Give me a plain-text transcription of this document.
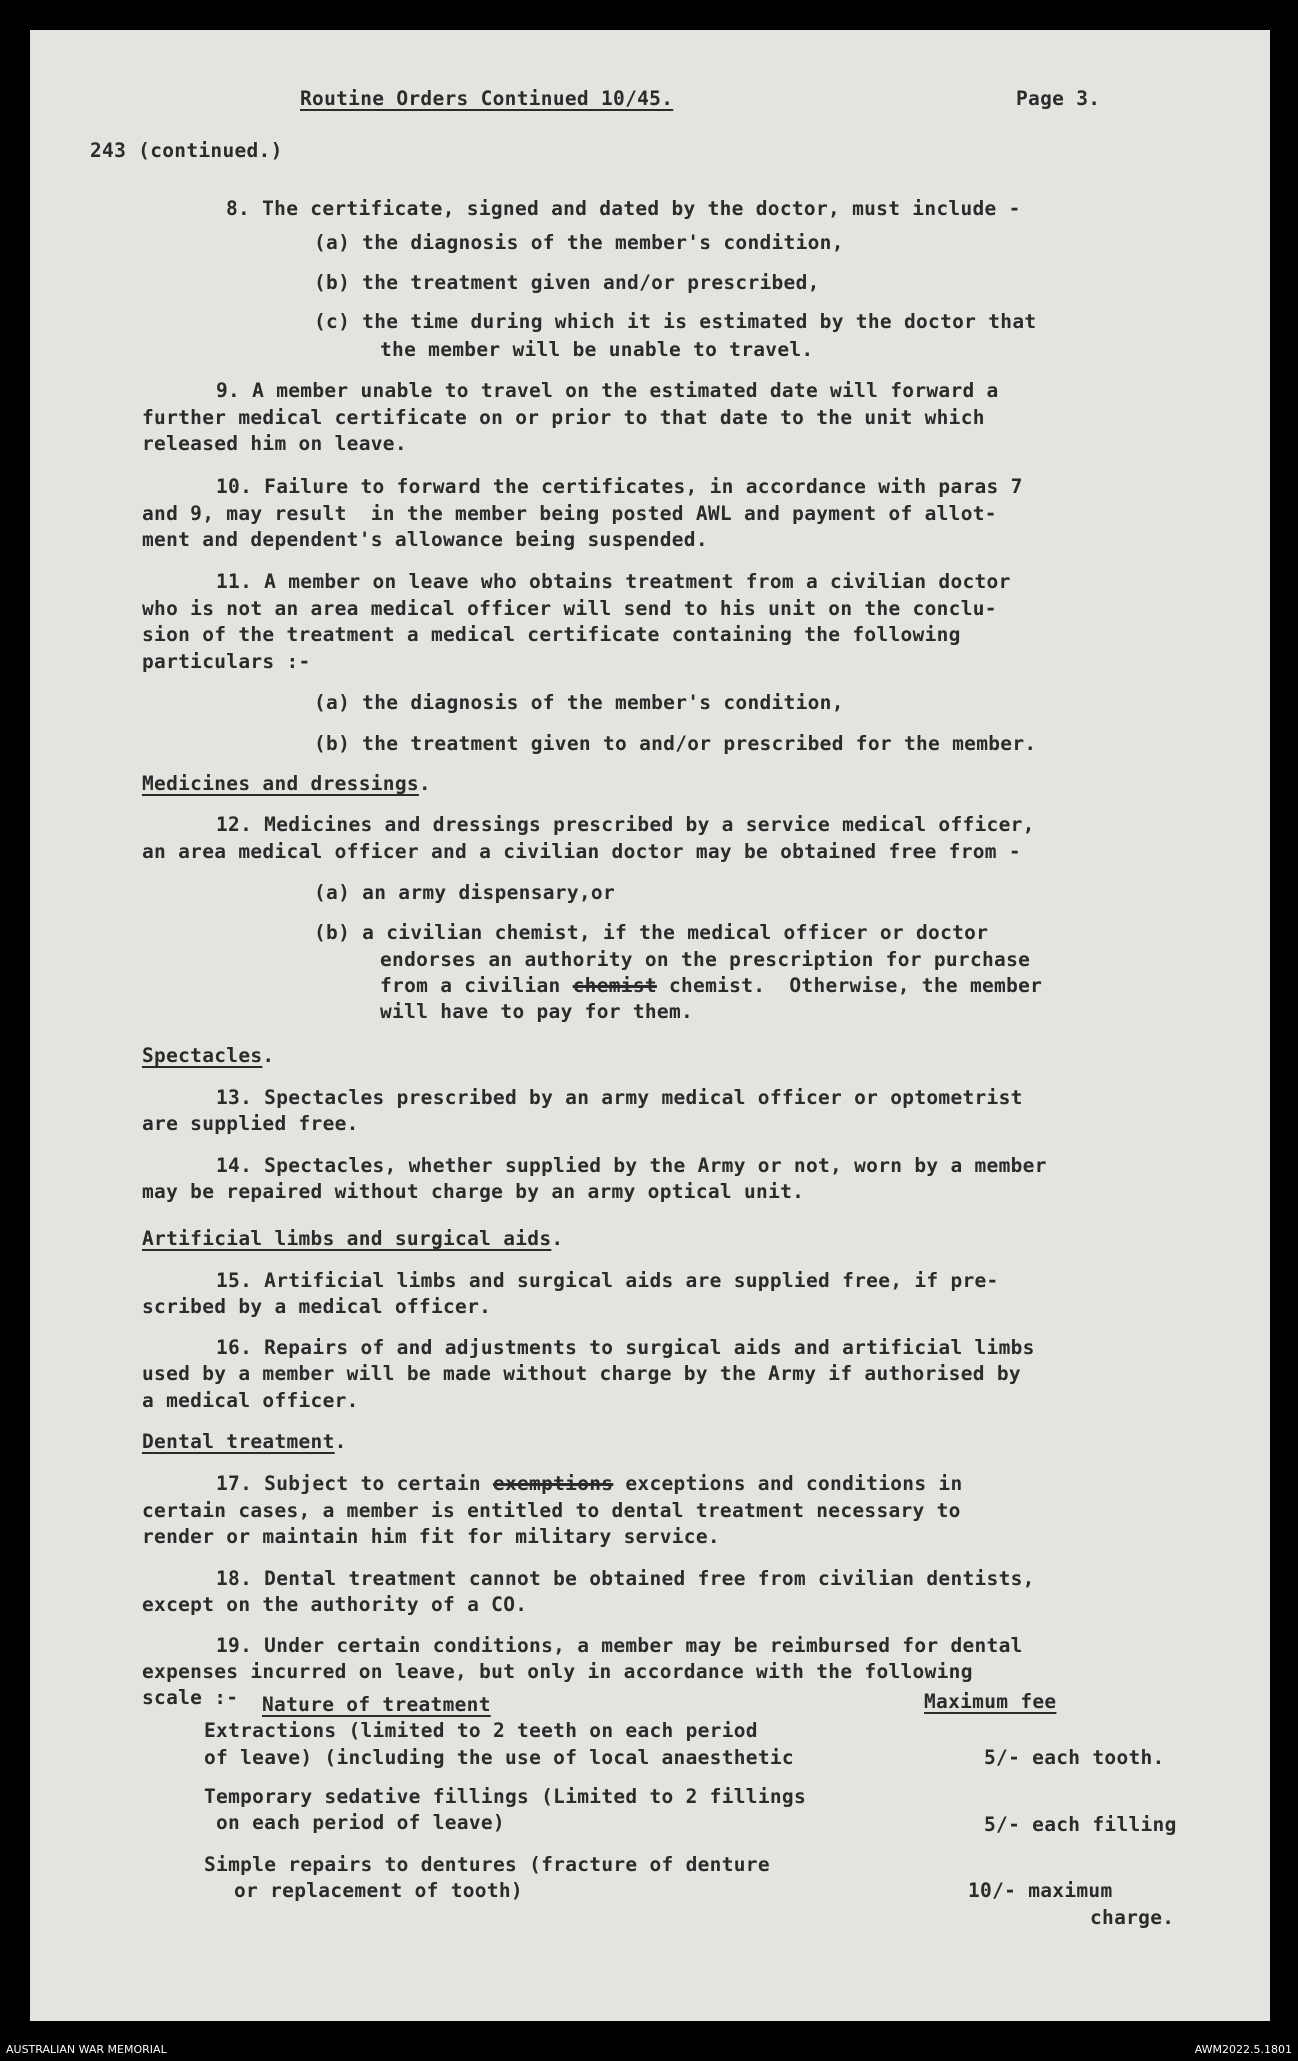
Routine Orders Continued 10/45.	Page 3.
243 (continued.)
8. The certificate, signed and dated by the doctor, must include -
(a) the diagnosis of the member's condition,
(b) the treatment given and/or prescribed,
(c) the time during which it is estimated by the doctor that
the member will be unable to travel.
9. A member unable to travel on the estimated date will forward a
further medical certificate on or prior to that date to the unit which
released him on leave.
10. Failure to forward the certificates, in accordance with paras 7
and 9, may result  in the member being posted AWL and payment of allot-
ment and dependent's allowance being suspended.
11. A member on leave who obtains treatment from a civilian doctor
who is not an area medical officer will send to his unit on the conclu-
sion of the treatment a medical certificate containing the following
particulars :-
(a) the diagnosis of the member's condition,
(b) the treatment given to and/or prescribed for the member.
Medicines and dressings.
12. Medicines and dressings prescribed by a service medical officer,
an area medical officer and a civilian doctor may be obtained free from -
(a) an army dispensary,or
(b) a civilian chemist, if the medical officer or doctor
endorses an authority on the prescription for purchase
from a civilian chemist chemist.  Otherwise, the member
will have to pay for them.
Spectacles.
13. Spectacles prescribed by an army medical officer or optometrist
are supplied free.
14. Spectacles, whether supplied by the Army or not, worn by a member
may be repaired without charge by an army optical unit.
Artificial limbs and surgical aids.
15. Artificial limbs and surgical aids are supplied free, if pre-
scribed by a medical officer.
16. Repairs of and adjustments to surgical aids and artificial limbs
used by a member will be made without charge by the Army if authorised by
a medical officer.
Dental treatment.
17. Subject to certain exemptions exceptions and conditions in
certain cases, a member is entitled to dental treatment necessary to
render or maintain him fit for military service.
18. Dental treatment cannot be obtained free from civilian dentists,
except on the authority of a CO.
19. Under certain conditions, a member may be reimbursed for dental
expenses incurred on leave, but only in accordance with the following
scale :- Nature of treatment	Maximum fee
Extractions (limited to 2 teeth on each period
of leave) (including the use of local anaesthetic	5/- each tooth.
Temporary sedative fillings (Limited to 2 fillings
on each period of leave)	5/- each filling
Simple repairs to dentures (fracture of denture
or replacement of tooth)	10/- maximum
charge.
AUSTRALIAN WAR MEMORIAL	AWM2022.5.1801
